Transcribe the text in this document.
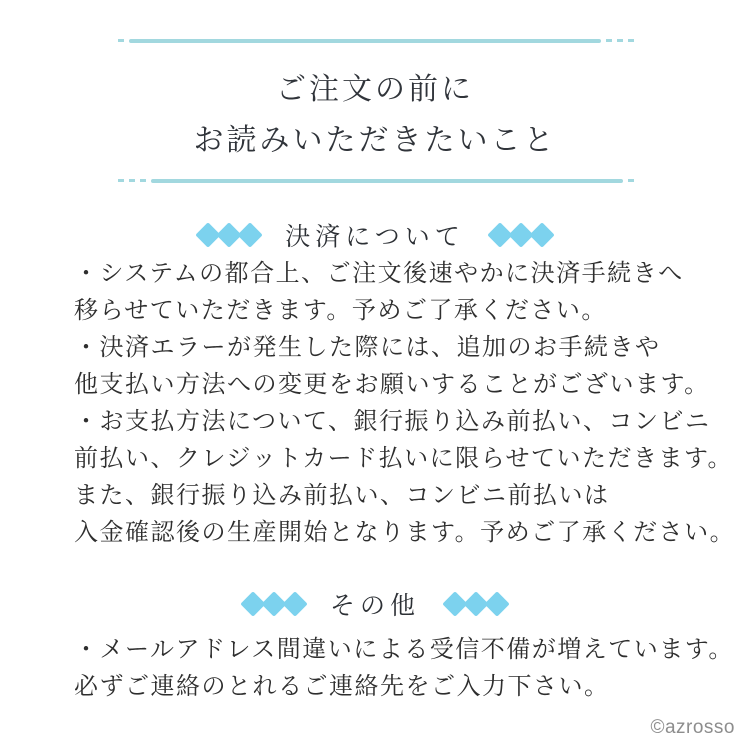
ご注文の前に
お読みいただきたいこと
決済について
・システムの都合上、ご注文後速やかに決済手続きへ
移らせていただきます。予めご了承ください。
・決済エラーが発生した際には、追加のお手続きや
他支払い方法への変更をお願いすることがございます。
・お支払方法について、銀行振り込み前払い、コンビニ
前払い、クレジットカード払いに限らせていただきます。
また、銀行振り込み前払い、コンビニ前払いは
入金確認後の生産開始となります。予めご了承ください。
その他
・メールアドレス間違いによる受信不備が増えています。
必ずご連絡のとれるご連絡先をご入力下さい。
©azrosso
